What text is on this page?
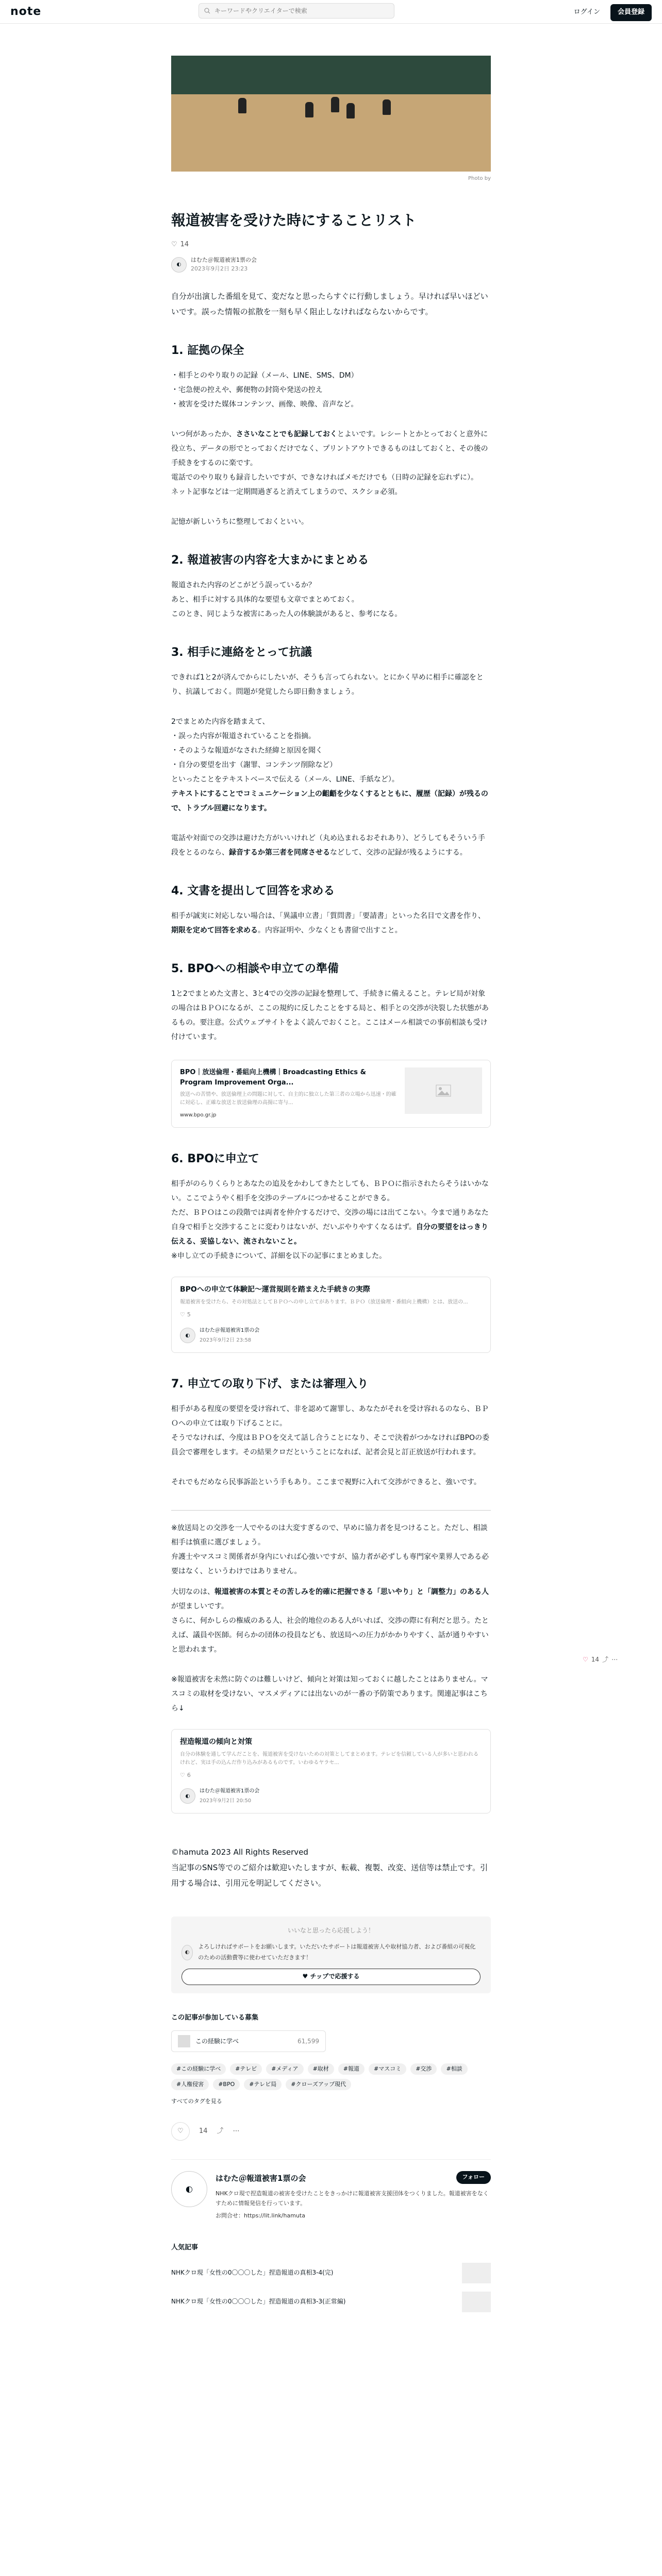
note
キーワードやクリエイターで検索	ログイン	会員登録
Photo by
報道被害を受けた時にすることリスト
♡ 14
◐
はむた＠報道被害1票の会
2023年9月2日 23:23

自分が出演した番組を見て、変だなと思ったらすぐに行動しましょう。早ければ早いほどいいです。誤った情報の拡散を一刻も早く阻止しなければならないからです。

1. 証拠の保全
・ 相手とのやり取りの記録（メール、LINE、SMS、DM）
・ 宅急便の控えや、郵便物の封筒や発送の控え
・ 被害を受けた媒体コンテンツ、画像、映像、音声など。

いつ何があったか、ささいなことでも記録しておくとよいです。レシートとかとっておくと意外に役立ち、データの形でとっておくだけでなく、プリントアウトできるものはしておくと、その後の手続きをするのに楽です。
電話でのやり取りも録音したいですが、できなければメモだけでも（日時の記録を忘れずに）。
ネット記事などは一定期間過ぎると消えてしまうので、スクショ必須。

記憶が新しいうちに整理しておくといい。

2. 報道被害の内容を大まかにまとめる

報道された内容のどこがどう誤っているか？
あと、相手に対する具体的な要望も文章でまとめておく。
このとき、同じような被害にあった人の体験談があると、参考になる。

3. 相手に連絡をとって抗議

できれば1と2が済んでからにしたいが、そうも言ってられない。とにかく早めに相手に確認をとり、抗議しておく。問題が発覚したら即日動きましょう。

2でまとめた内容を踏まえて、

・ 誤った内容が報道されていることを指摘。
・ そのような報道がなされた経緯と原因を聞く
・ 自分の要望を出す（謝罪、コンテンツ削除など）

といったことをテキストベースで伝える（メール、LINE、手紙など）。
テキストにすることでコミュニケーション上の齟齬を少なくするとともに、履歴（記録）が残るので、トラブル回避になります。

電話や対面での交渉は避けた方がいいけれど（丸め込まれるおそれあり）、どうしてもそういう手段をとるのなら、録音するか第三者を同席させるなどして、交渉の記録が残るようにする。

4. 文書を提出して回答を求める

相手が誠実に対応しない場合は、「異議申立書」「質問書」「要請書」といった名目で文書を作り、期限を定めて回答を求める。内容証明や、少なくとも書留で出すこと。

5. BPOへの相談や申立ての準備

1と2でまとめた文書と、3と4での交渉の記録を整理して、手続きに備えること。テレビ局が対象の場合はＢＰＯになるが、ここの規約に反したことをする局と、相手との交渉が決裂した状態があるもの。要注意。公式ウェブサイトをよく読んでおくこと。ここはメール相談での事前相談も受け付けています。

BPO｜放送倫理・番組向上機構｜Broadcasting Ethics & Program Improvement Orga...
放送への苦情や、放送倫理上の問題に対して、自主的に独立した第三者の立場から迅速・的確に対応し、正確な放送と放送倫理の高揚に寄与...
www.bpo.gr.jp
6. BPOに申立て

相手がのらりくらりとあなたの追及をかわしてきたとしても、ＢＰＯに指示されたらそうはいかない。ここでようやく相手を交渉のテーブルにつかせることができる。

ただ、ＢＰＯはこの段階では両者を仲介するだけで、交渉の場には出てこない。今まで通りあなた自身で相手と交渉することに変わりはないが、だいぶやりやすくなるはず。自分の要望をはっきり伝える、妥協しない、流されないこと。
※申し立ての手続きについて、詳細を以下の記事にまとめました。

BPOへの申立て体験記〜運営規則を踏まえた手続きの実際
報道被害を受けたら、その対処法としてＢＰＯへの申し立てがあります。ＢＰＯ（放送倫理・番組向上機構）とは、放送の...
♡ 5
◐
はむた＠報道被害1票の会
2023年9月2日 23:58
7. 申立ての取り下げ、または審理入り

相手がある程度の要望を受け容れて、非を認めて謝罪し、あなたがそれを受け容れるのなら、ＢＰＯへの申立ては取り下げることに。
そうでなければ、今度はＢＰＯを交えて話し合うことになり、そこで決着がつかなければBPOの委員会で審理をします。その結果クロだということになれば、記者会見と訂正放送が行われます。

それでもだめなら民事訴訟という手もあり。ここまで視野に入れて交渉ができると、強いです。

※放送局との交渉を一人でやるのは大変すぎるので、早めに協力者を見つけること。ただし、相談相手は慎重に選びましょう。
弁護士やマスコミ関係者が身内にいれば心強いですが、協力者が必ずしも専門家や業界人である必要はなく、というわけではありません。

大切なのは、報道被害の本質とその苦しみを的確に把握できる「思いやり」と「調整力」のある人が望ましいです。
さらに、何かしらの権威のある人、社会的地位のある人がいれば、交渉の際に有利だと思う。たとえば、議員や医師。何らかの団体の役員なども、放送局への圧力がかかりやすく、話が通りやすいと思われます。

※報道被害を未然に防ぐのは難しいけど、傾向と対策は知っておくに越したことはありません。マスコミの取材を受けない、マスメディアには出ないのが一番の予防策であります。関連記事はこちら↓

捏造報道の傾向と対策
自分の体験を通して学んだことを、報道被害を受けないための対策としてまとめます。テレビを信頼している人が多いと思われるけれど、実は手の込んだ作り込みがあるものです。いわゆるヤラセ...
♡ 6
◐
はむた＠報道被害1票の会
2023年9月2日 20:50

©hamuta 2023 All Rights Reserved
当記事のSNS等でのご紹介は歓迎いたしますが、転載、複製、改変、送信等は禁止です。引用する場合は、引用元を明記してください。

いいなと思ったら応援しよう！
◐
よろしければサポートをお願いします。いただいたサポートは報道被害人や取材協力者、および番組の可視化のための活動費等に使わせていただきます！
♥ チップで応援する
この記事が参加している募集
この経験に学べ	61,599
#この経験に学べ	#テレビ	#メディア	#取材	#報道	#マスコミ	#交渉	#相談
#人権侵害	#BPO	#テレビ局	#クローズアップ現代
すべてのタグを見る
♡ 14 ⤴ ⋯
◐
はむた＠報道被害1票の会
NHKクロ現で捏造報道の被害を受けたことをきっかけに報道被害支援団体をつくりました。報道被害をなくすために情報発信を行っています。
お問合せ：https://lit.link/hamuta
フォロー
人気記事
NHKクロ現「女性の0〇〇〇した」捏造報道の真相3-4(完)
NHKクロ現「女性の0〇〇〇した」捏造報道の真相3-3(正常編)
♡ 14 ⤴ ⋯
